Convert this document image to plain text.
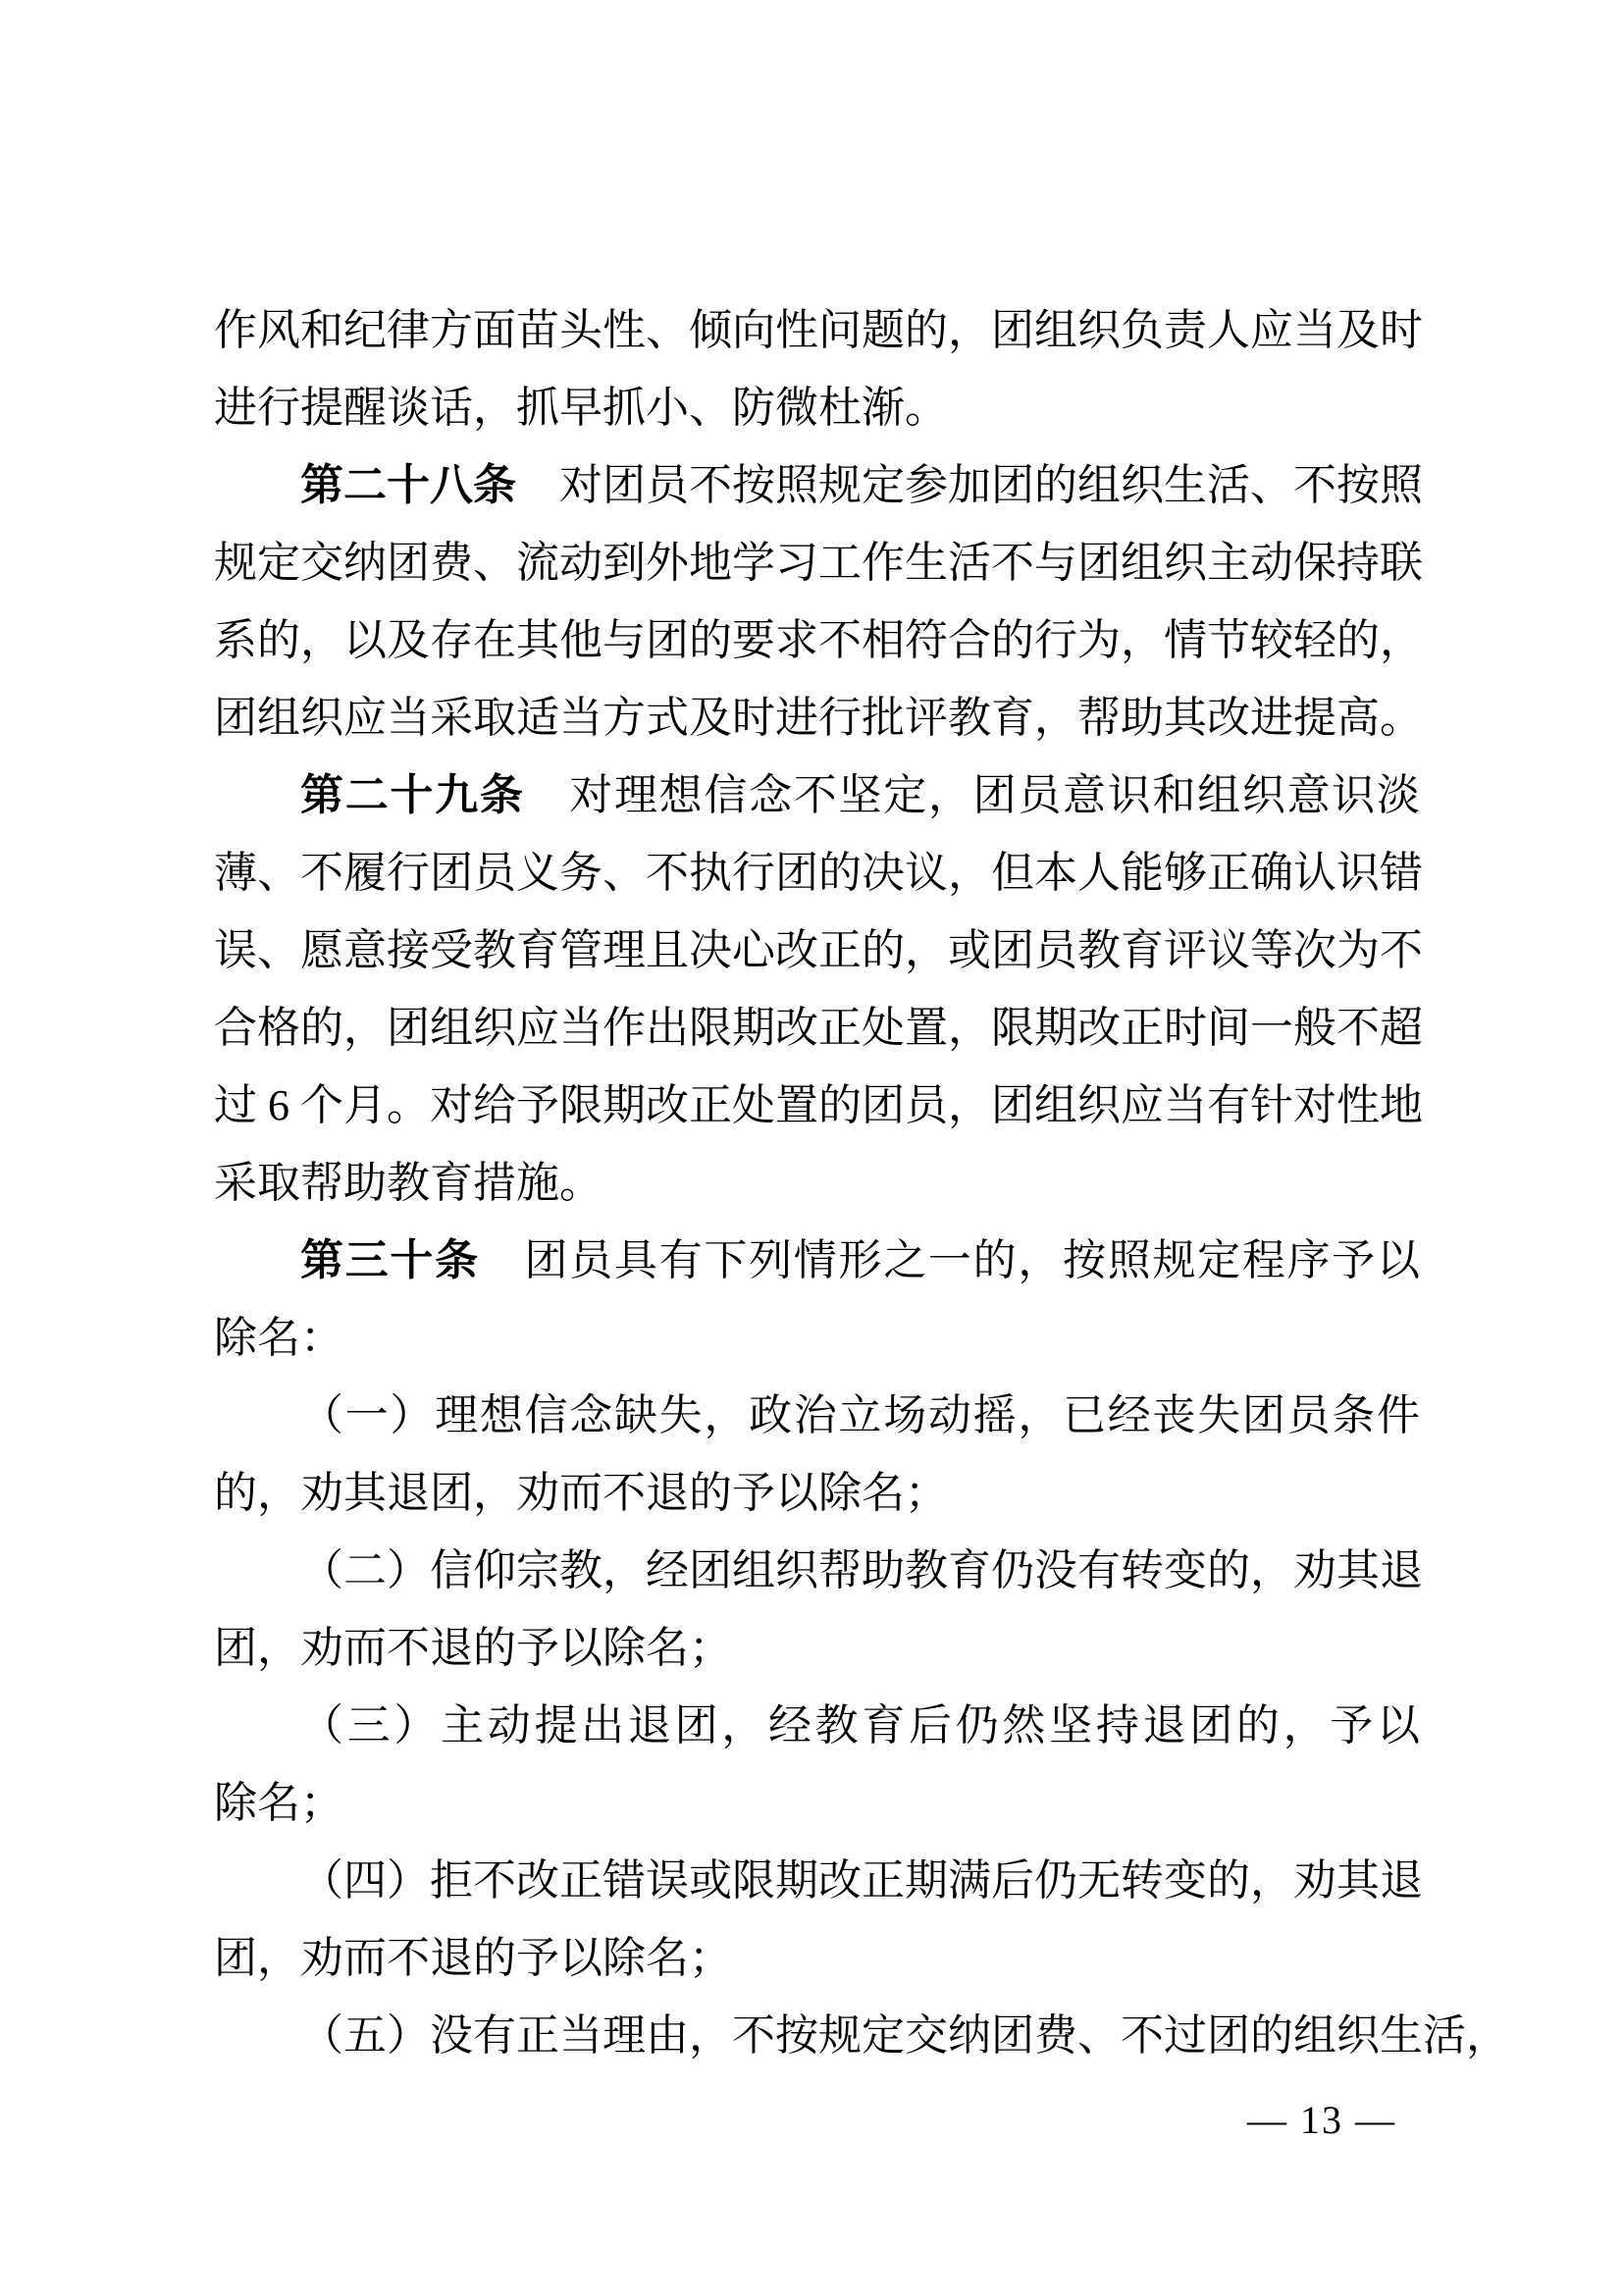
作风和纪律方面苗头性、倾向性问题的，团组织负责人应当及时
进行提醒谈话，抓早抓小、防微杜渐。
第二十八条　对团员不按照规定参加团的组织生活、不按照
规定交纳团费、流动到外地学习工作生活不与团组织主动保持联
系的，以及存在其他与团的要求不相符合的行为，情节较轻的，
团组织应当采取适当方式及时进行批评教育，帮助其改进提高。
第二十九条　对理想信念不坚定，团员意识和组织意识淡
薄、不履行团员义务、不执行团的决议，但本人能够正确认识错
误、愿意接受教育管理且决心改正的，或团员教育评议等次为不
合格的，团组织应当作出限期改正处置，限期改正时间一般不超
过 6 个月。对给予限期改正处置的团员，团组织应当有针对性地
采取帮助教育措施。
第三十条　团员具有下列情形之一的，按照规定程序予以
除名：
（一）理想信念缺失，政治立场动摇，已经丧失团员条件
的，劝其退团，劝而不退的予以除名；
（二）信仰宗教，经团组织帮助教育仍没有转变的，劝其退
团，劝而不退的予以除名；
（三）主动提出退团，经教育后仍然坚持退团的，予以
除名；
（四）拒不改正错误或限期改正期满后仍无转变的，劝其退
团，劝而不退的予以除名；
（五）没有正当理由，不按规定交纳团费、不过团的组织生活，
— 13 —
